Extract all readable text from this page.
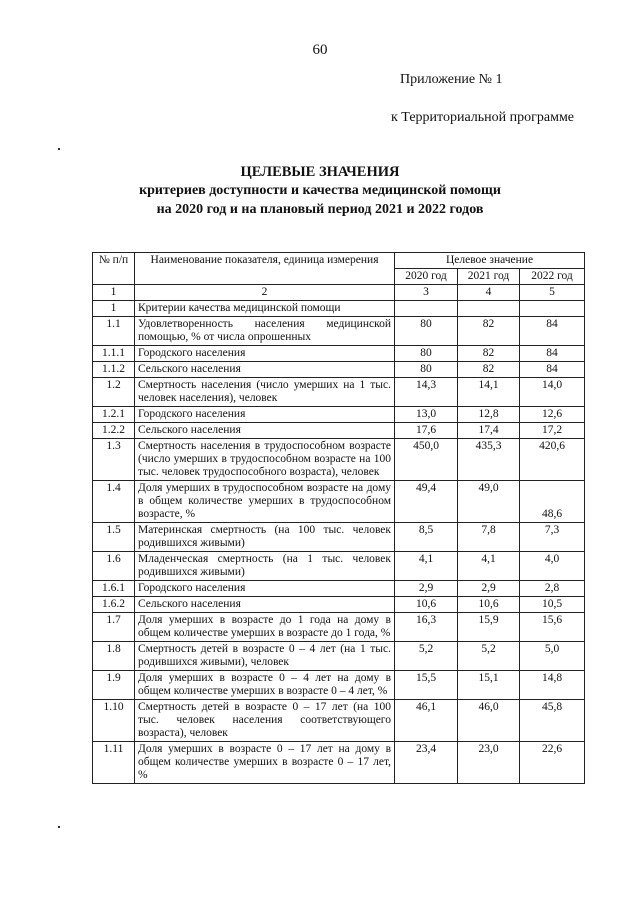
60
Приложение № 1
к Территориальной программе
ЦЕЛЕВЫЕ ЗНАЧЕНИЯ
критериев доступности и качества медицинской помощи
на 2020 год и на плановый период 2021 и 2022 годов
№ п/п	Наименование показателя, единица измерения	Целевое значение		
		2020 год	2021 год	2022 год
1	2	3	4	5
1	Критерии качества медицинской помощи			
1.1	Удовлетворенность населения медицинской помощью, % от числа опрошенных	80	82	84
1.1.1	Городского населения	80	82	84
1.1.2	Сельского населения	80	82	84
1.2	Смертность населения (число умерших на 1 тыс. человек населения), человек	14,3	14,1	14,0
1.2.1	Городского населения	13,0	12,8	12,6
1.2.2	Сельского населения	17,6	17,4	17,2
1.3	Смертность населения в трудоспособном возрасте (число умерших в трудоспособном возрасте на 100 тыс. человек трудоспособного возраста), человек	450,0	435,3	420,6
1.4	Доля умерших в трудоспособном возрасте на дому в общем количестве умерших в трудоспособном возрасте, %	49,4	49,0	48,6
1.5	Материнская смертность (на 100 тыс. человек родившихся живыми)	8,5	7,8	7,3
1.6	Младенческая смертность (на 1 тыс. человек родившихся живыми)	4,1	4,1	4,0
1.6.1	Городского населения	2,9	2,9	2,8
1.6.2	Сельского населения	10,6	10,6	10,5
1.7	Доля умерших в возрасте до 1 года на дому в общем количестве умерших в возрасте до 1 года, %	16,3	15,9	15,6
1.8	Смертность детей в возрасте 0 – 4 лет (на 1 тыс. родившихся живыми), человек	5,2	5,2	5,0
1.9	Доля умерших в возрасте 0 – 4 лет на дому в общем количестве умерших в возрасте 0 – 4 лет, %	15,5	15,1	14,8
1.10	Смертность детей в возрасте 0 – 17 лет (на 100 тыс. человек населения соответствующего возраста), человек	46,1	46,0	45,8
1.11	Доля умерших в возрасте 0 – 17 лет на дому в общем количестве умерших в возрасте 0 – 17 лет, %	23,4	23,0	22,6
